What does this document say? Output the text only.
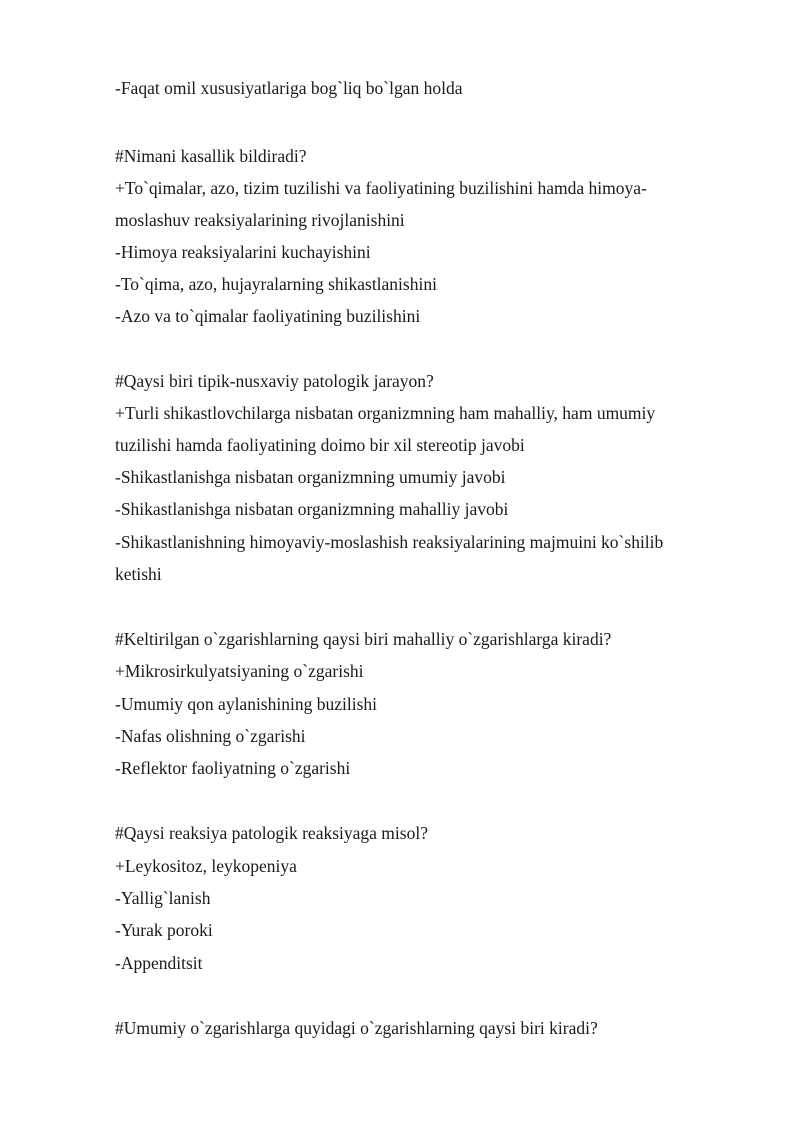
-Faqat omil xususiyatlariga bog`liq bo`lgan holda

#Nimani kasallik bildiradi?

+To`qimalar, azo, tizim tuzilishi va faoliyatining buzilishini hamda himoya-

moslashuv reaksiyalarining rivojlanishini

-Himoya reaksiyalarini kuchayishini

-To`qima, azo, hujayralarning shikastlanishini

-Azo va to`qimalar faoliyatining buzilishini

#Qaysi biri tipik-nusxaviy patologik jarayon?

+Turli shikastlovchilarga nisbatan organizmning ham mahalliy, ham umumiy

tuzilishi hamda faoliyatining doimo bir xil stereotip javobi

-Shikastlanishga nisbatan organizmning umumiy javobi

-Shikastlanishga nisbatan organizmning mahalliy javobi

-Shikastlanishning himoyaviy-moslashish reaksiyalarining majmuini ko`shilib

ketishi

#Keltirilgan o`zgarishlarning qaysi biri mahalliy o`zgarishlarga kiradi?

+Mikrosirkulyatsiyaning o`zgarishi

-Umumiy qon aylanishining buzilishi

-Nafas olishning o`zgarishi

-Reflektor faoliyatning o`zgarishi

#Qaysi reaksiya patologik reaksiyaga misol?

+Leykositoz, leykopeniya

-Yallig`lanish

-Yurak poroki

-Appenditsit

#Umumiy o`zgarishlarga quyidagi o`zgarishlarning qaysi biri kiradi?
